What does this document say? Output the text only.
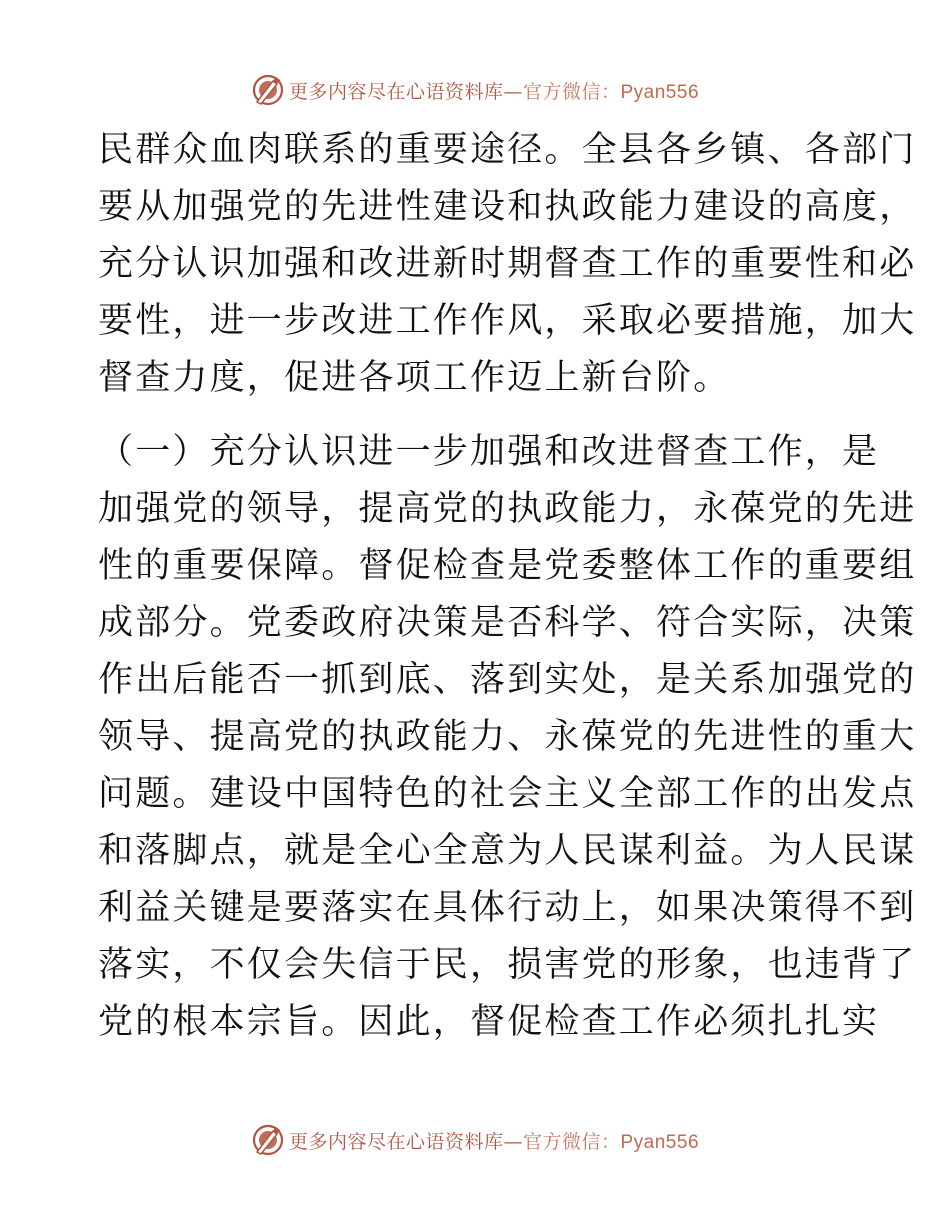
更多内容尽在心语资料库—官方微信：Pyan556
民群众血肉联系的重要途径。全县各乡镇、各部门
要从加强党的先进性建设和执政能力建设的高度，
充分认识加强和改进新时期督查工作的重要性和必
要性，进一步改进工作作风，采取必要措施，加大
督查力度，促进各项工作迈上新台阶。
（一）充分认识进一步加强和改进督查工作，是
加强党的领导，提高党的执政能力，永葆党的先进
性的重要保障。督促检查是党委整体工作的重要组
成部分。党委政府决策是否科学、符合实际，决策
作出后能否一抓到底、落到实处，是关系加强党的
领导、提高党的执政能力、永葆党的先进性的重大
问题。建设中国特色的社会主义全部工作的出发点
和落脚点，就是全心全意为人民谋利益。为人民谋
利益关键是要落实在具体行动上，如果决策得不到
落实，不仅会失信于民，损害党的形象，也违背了
党的根本宗旨。因此，督促检查工作必须扎扎实
更多内容尽在心语资料库—官方微信：Pyan556
